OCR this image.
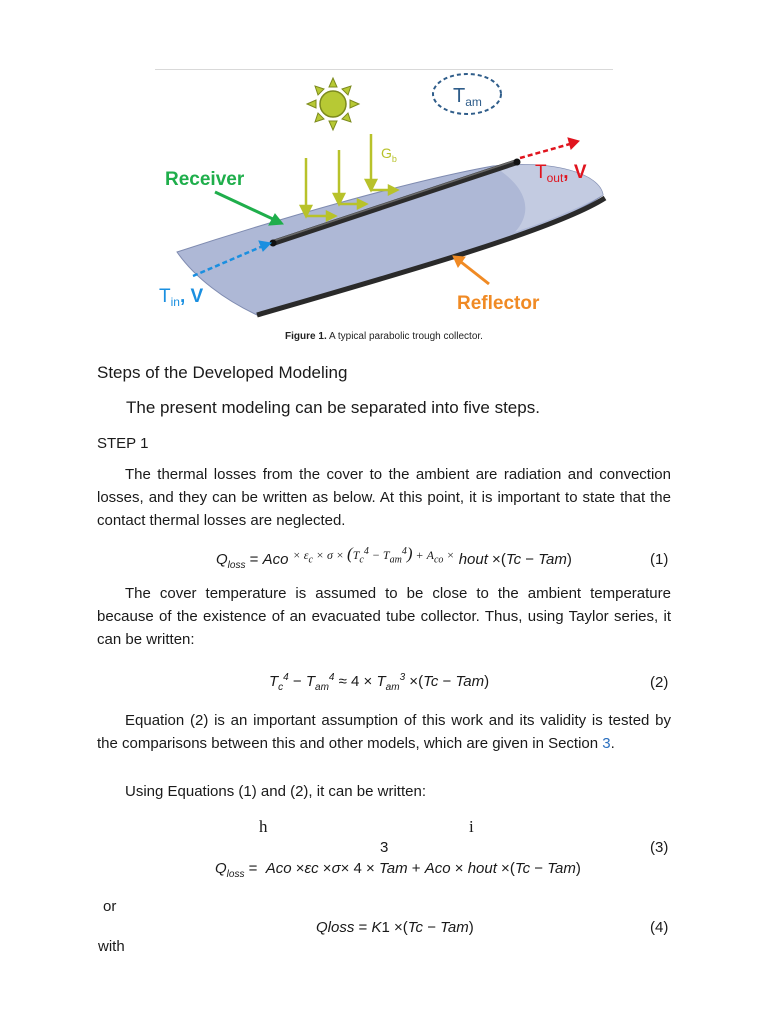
$G_b$
$T_{am}$
Receiver	$T_{out}$, V
$T_{in}$, V	Reflector
Figure 1. A typical parabolic trough collector.
Steps of the Developed Modeling
The present modeling can be separated into five steps.
STEP 1
The thermal losses from the cover to the ambient are radiation and convection losses, and they can be written as below. At this point, it is important to state that the contact thermal losses are neglected.
$Q_{loss}$ = Aco $^{\times \varepsilon_c \times \sigma \times (T_c^4 - T_{am}^4) + A_{co} \times}$ hout ×(Tc − Tam)	(1)
The cover temperature is assumed to be close to the ambient temperature because of the existence of an evacuated tube collector. Thus, using Taylor series, it can be written:
$T_c^4 - T_{am}^4 \approx 4 \times T_{am}^3 \times(Tc - Tam)$	(2)
Equation (2) is an important assumption of this work and its validity is tested by the comparisons between this and other models, which are given in Section 3.
Using Equations (1) and (2), it can be written:
h	i
3
$Q_{loss}$ =  Aco ×εc ×σ× 4 × Tam + Aco × hout ×(Tc − Tam)
(3)
or
Qloss = K1 ×(Tc − Tam)	(4)
with
